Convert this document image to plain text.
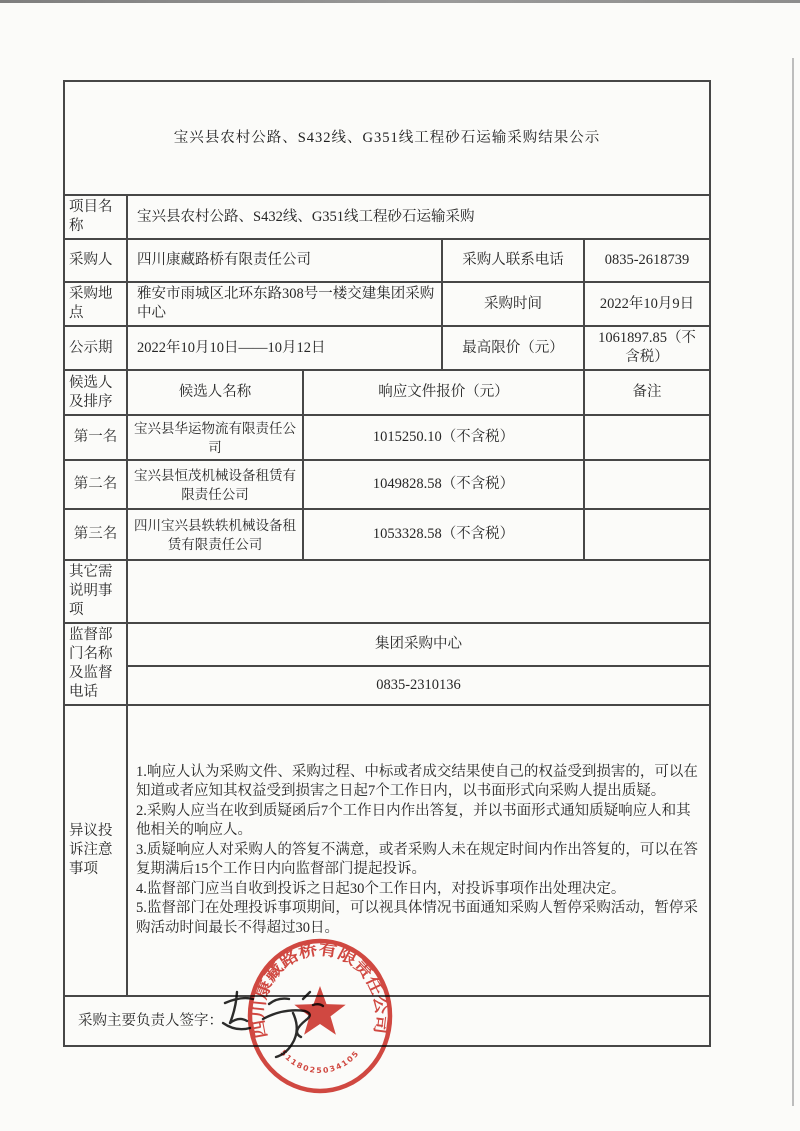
宝兴县农村公路、S432线、G351线工程砂石运输采购结果公示				
项目名称	宝兴县农村公路、S432线、G351线工程砂石运输采购			
采购人	四川康藏路桥有限责任公司		采购人联系电话	0835-2618739
采购地点	雅安市雨城区北环东路308号一楼交建集团采购中心		采购时间	2022年10月9日
公示期	2022年10月10日——10月12日		最高限价（元）	1061897.85（不含税）
候选人及排序	候选人名称	响应文件报价（元）		备注
第一名	宝兴县华运物流有限责任公司	1015250.10（不含税）		
第二名	宝兴县恒茂机械设备租赁有限责任公司	1049828.58（不含税）		
第三名	四川宝兴县轶轶机械设备租赁有限责任公司	1053328.58（不含税）		
其它需说明事项				
监督部门名称及监督电话	集团采购中心			
	0835-2310136			
异议投诉注意事项	1.响应人认为采购文件、采购过程、中标或者成交结果使自己的权益受到损害的，可以在知道或者应知其权益受到损害之日起7个工作日内，以书面形式向采购人提出质疑。

2.采购人应当在收到质疑函后7个工作日内作出答复，并以书面形式通知质疑响应人和其他相关的响应人。

3.质疑响应人对采购人的答复不满意，或者采购人未在规定时间内作出答复的，可以在答复期满后15个工作日内向监督部门提起投诉。

4.监督部门应当自收到投诉之日起30个工作日内，对投诉事项作出处理决定。

5.监督部门在处理投诉事项期间，可以视具体情况书面通知采购人暂停采购活动，暂停采购活动时间最长不得超过30日。			

采购主要负责人签字：				
四川康藏路桥有限责任公司
5118025034105
